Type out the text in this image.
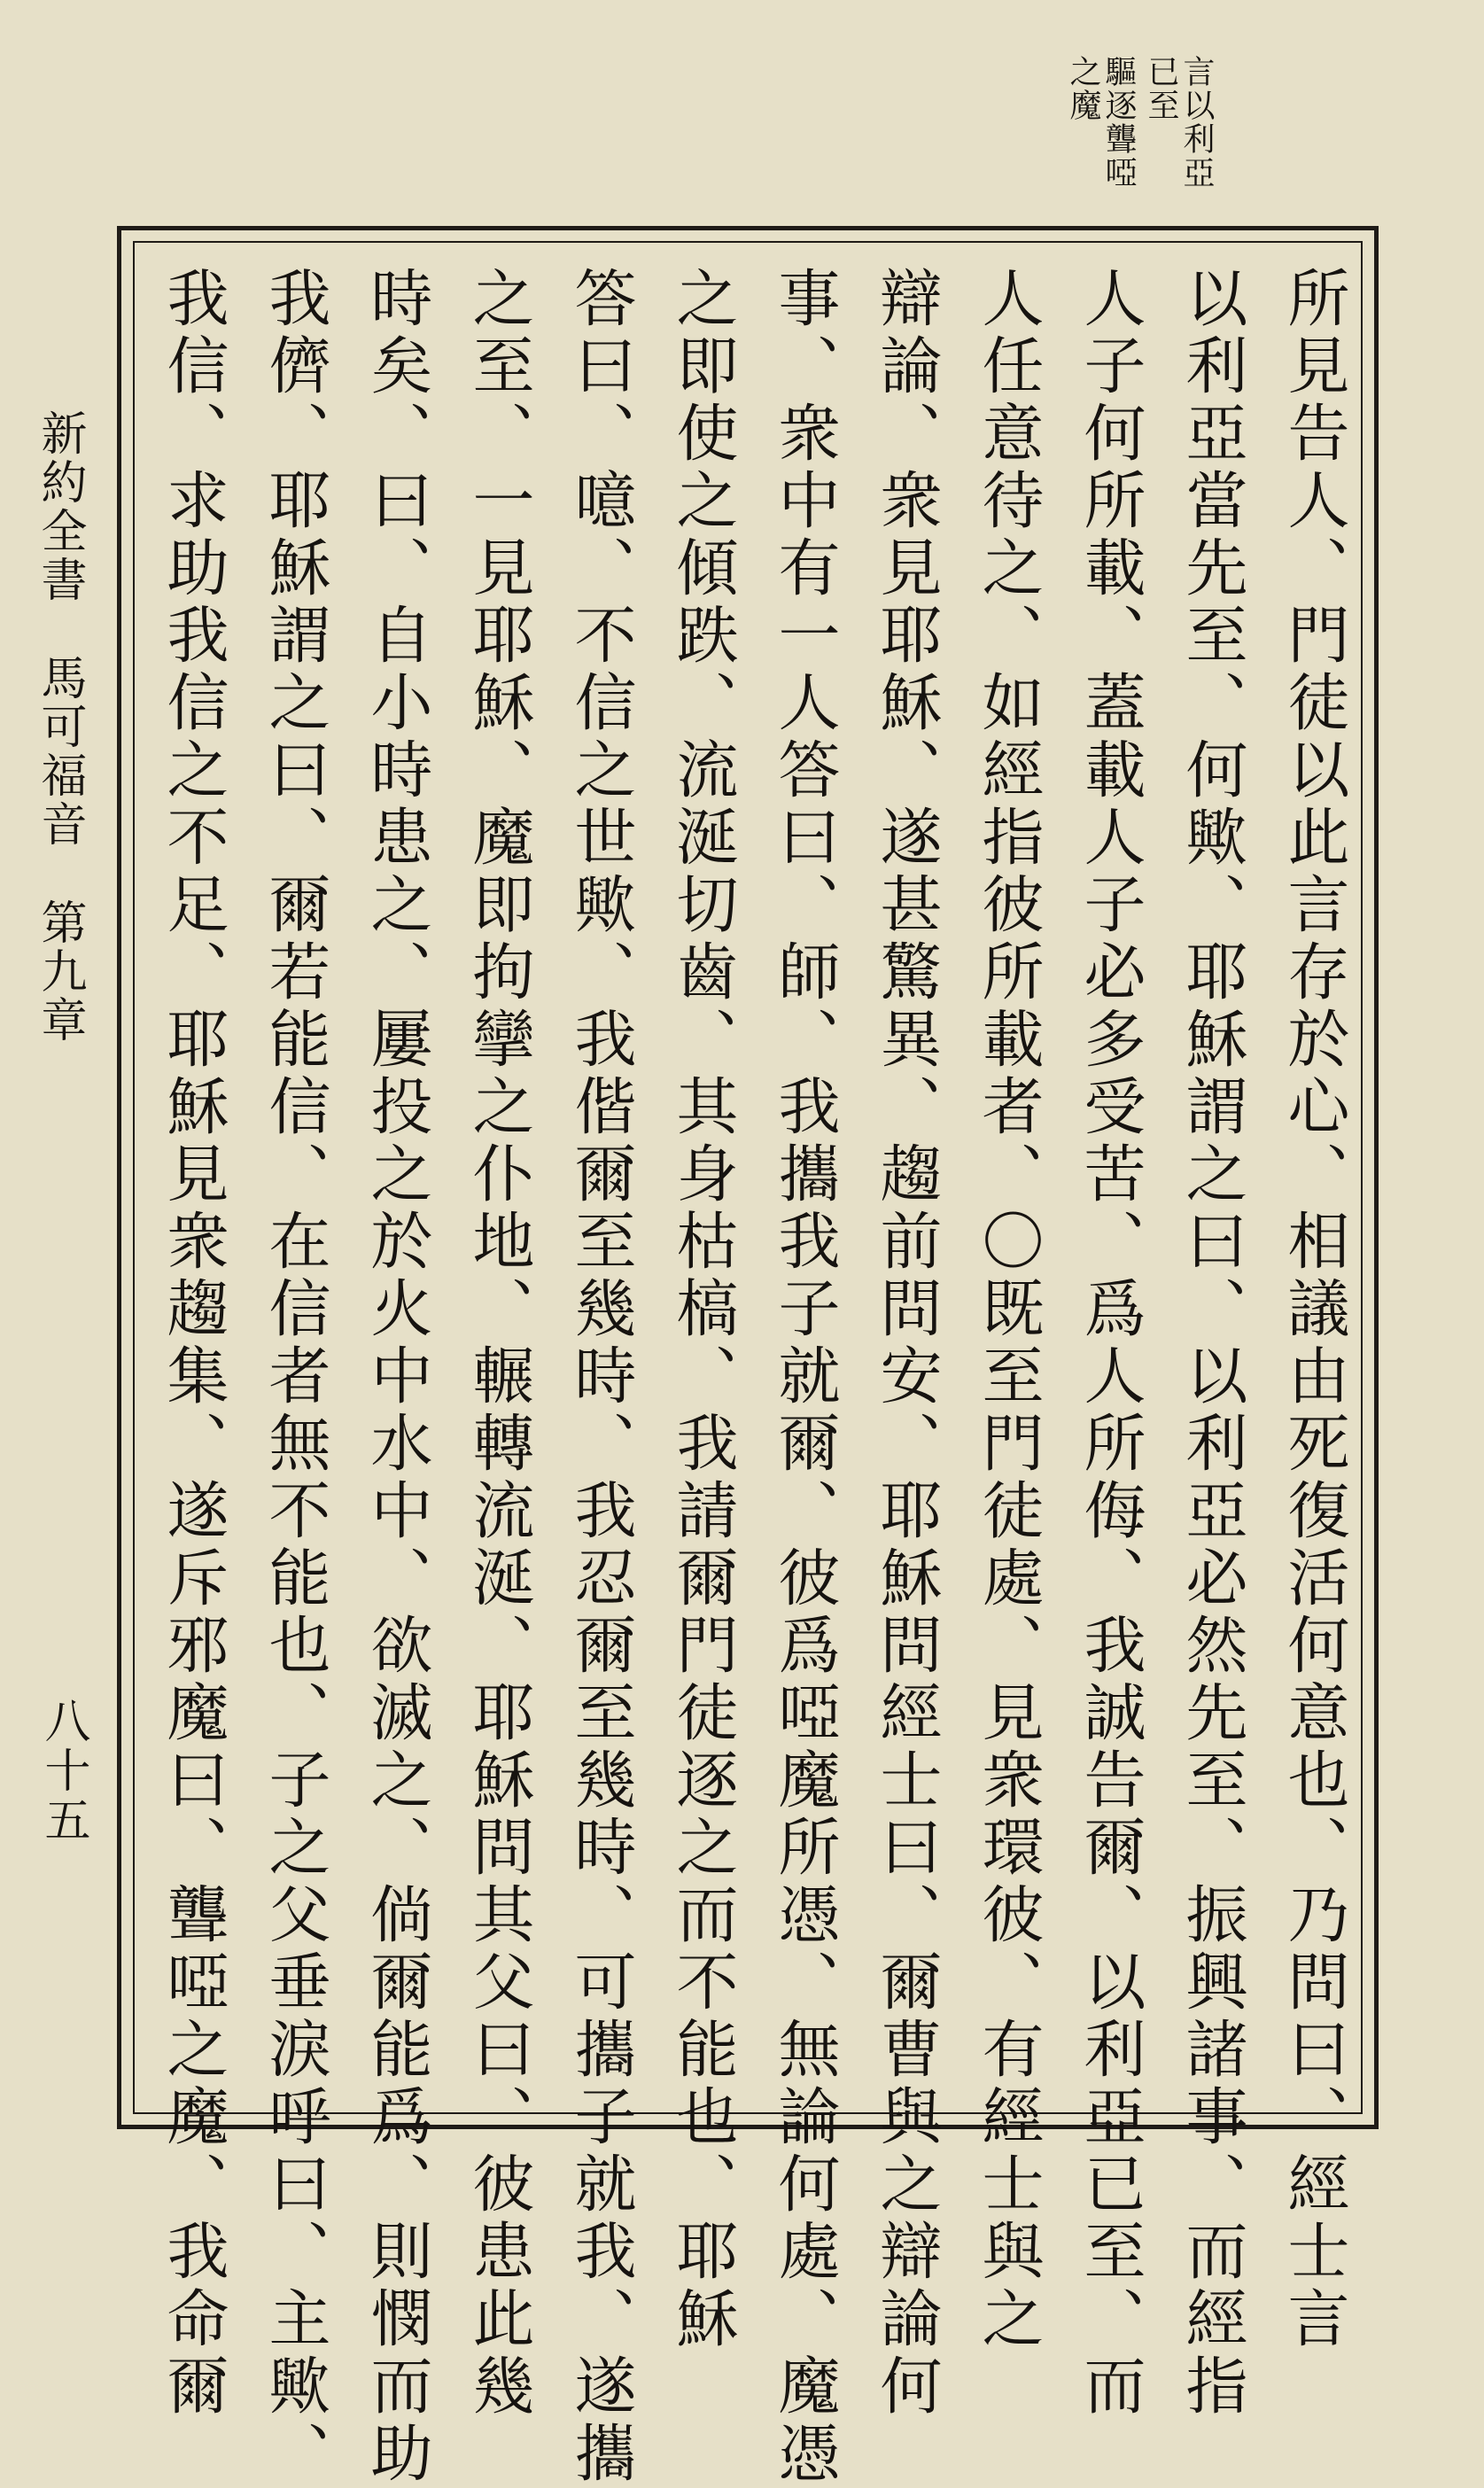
言以利亞已至
驅逐聾啞之魔
所見告人、門徒以此言存於心、相議由死復活何意也、乃問曰、經士言
以利亞當先至、何歟、耶穌謂之曰、以利亞必然先至、振興諸事、而經指
人子何所載、蓋載人子必多受苦、爲人所侮、我誠告爾、以利亞已至、而
人任意待之、如經指彼所載者、〇既至門徒處、見衆環彼、有經士與之
辯論、衆見耶穌、遂甚驚異、趨前問安、耶穌問經士曰、爾曹與之辯論何
事、衆中有一人答曰、師、我攜我子就爾、彼爲啞魔所憑、無論何處、魔憑
之即使之傾跌、流涎切齒、其身枯槁、我請爾門徒逐之而不能也、耶穌
答曰、噫、不信之世歟、我偕爾至幾時、我忍爾至幾時、可攜子就我、遂攜
之至、一見耶穌、魔即拘攣之仆地、輾轉流涎、耶穌問其父曰、彼患此幾
時矣、曰、自小時患之、屢投之於火中水中、欲滅之、倘爾能爲、則憫而助
我儕、耶穌謂之曰、爾若能信、在信者無不能也、子之父垂淚呼曰、主歟、
我信、求助我信之不足、耶穌見衆趨集、遂斥邪魔曰、聾啞之魔、我命爾
新約全書馬可福音第九章
八十五
